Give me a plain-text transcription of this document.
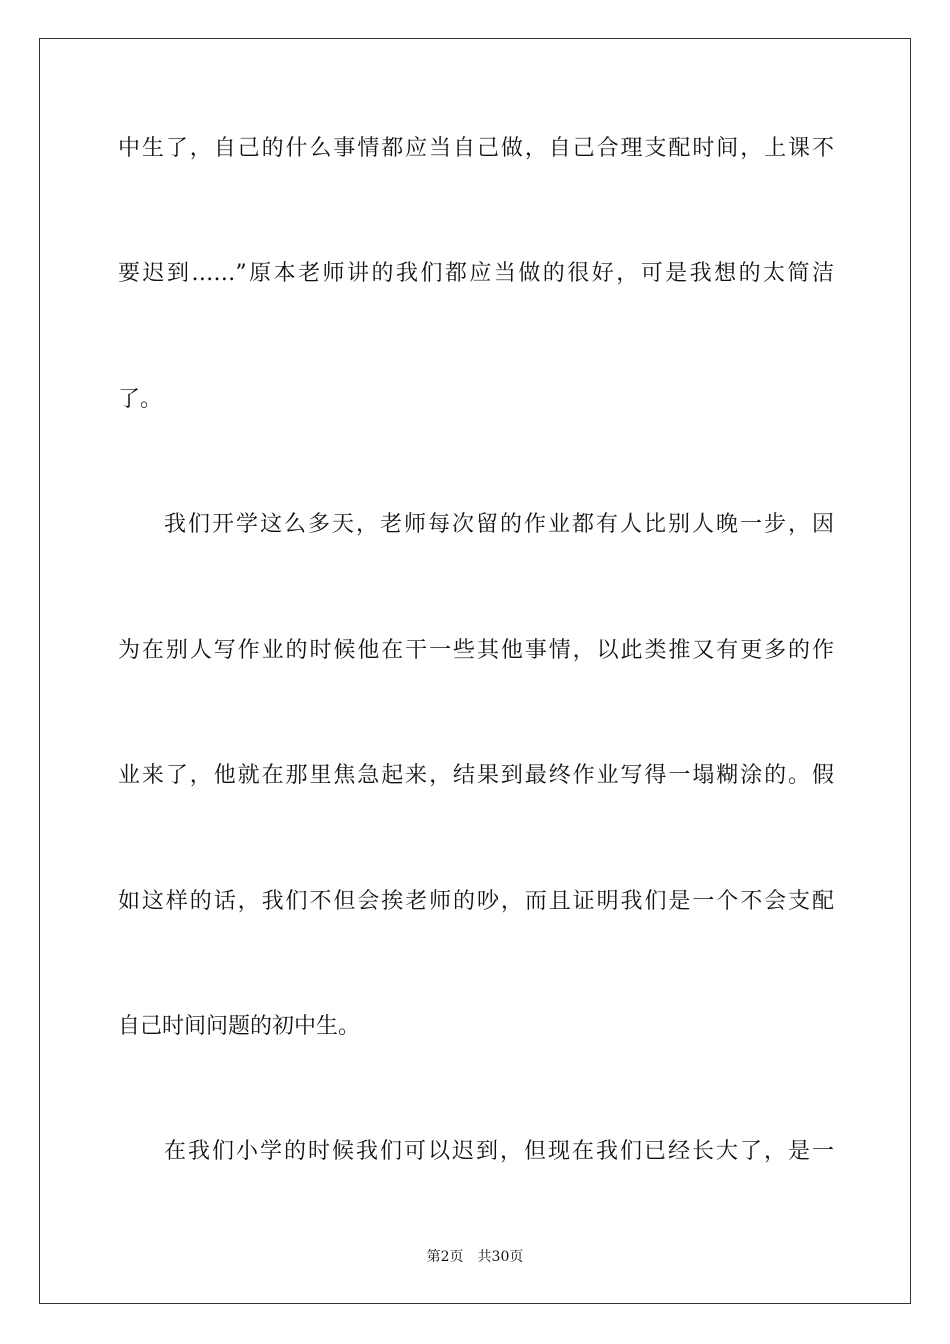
中生了，自己的什么事情都应当自己做，自己合理支配时间，上课不
要迟到……”原本老师讲的我们都应当做的很好，可是我想的太简洁
了。
我们开学这么多天，老师每次留的作业都有人比别人晚一步，因
为在别人写作业的时候他在干一些其他事情，以此类推又有更多的作
业来了，他就在那里焦急起来，结果到最终作业写得一塌糊涂的。假
如这样的话，我们不但会挨老师的吵，而且证明我们是一个不会支配
自己时间问题的初中生。
在我们小学的时候我们可以迟到，但现在我们已经长大了，是一
第2页　共30页
